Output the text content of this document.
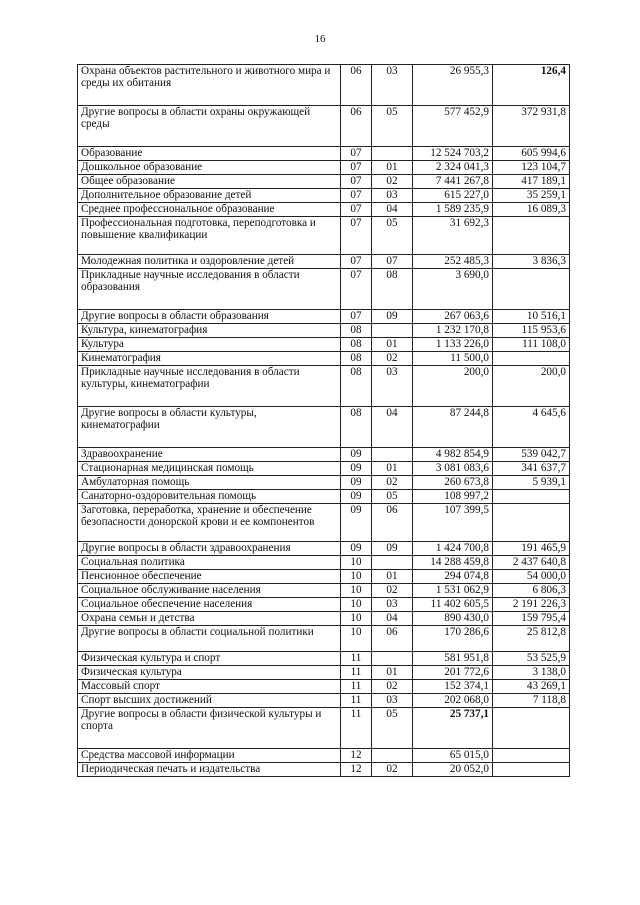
16
Охрана объектов растительного и животного мира и среды их обитания	06	03	26 955,3	126,4
Другие вопросы в области охраны окружающей среды	06	05	577 452,9	372 931,8
Образование	07		12 524 703,2	605 994,6
Дошкольное образование	07	01	2 324 041,3	123 104,7
Общее образование	07	02	7 441 267,8	417 189,1
Дополнительное образование детей	07	03	615 227,0	35 259,1
Среднее профессиональное образование	07	04	1 589 235,9	16 089,3
Профессиональная подготовка, переподготовка и повышение квалификации	07	05	31 692,3	
Молодежная политика и оздоровление детей	07	07	252 485,3	3 836,3
Прикладные научные исследования в области образования	07	08	3 690,0	
Другие вопросы в области образования	07	09	267 063,6	10 516,1
Культура, кинематография	08		1 232 170,8	115 953,6
Культура	08	01	1 133 226,0	111 108,0
Кинематография	08	02	11 500,0	
Прикладные научные исследования в области культуры, кинематографии	08	03	200,0	200,0
Другие вопросы в области культуры, кинематографии	08	04	87 244,8	4 645,6
Здравоохранение	09		4 982 854,9	539 042,7
Стационарная медицинская помощь	09	01	3 081 083,6	341 637,7
Амбулаторная помощь	09	02	260 673,8	5 939,1
Санаторно-оздоровительная помощь	09	05	108 997,2	
Заготовка, переработка, хранение и обеспечение безопасности донорской крови и ее компонентов	09	06	107 399,5	
Другие вопросы в области здравоохранения	09	09	1 424 700,8	191 465,9
Социальная политика	10		14 288 459,8	2 437 640,8
Пенсионное обеспечение	10	01	294 074,8	54 000,0
Социальное обслуживание населения	10	02	1 531 062,9	6 806,3
Социальное обеспечение населения	10	03	11 402 605,5	2 191 226,3
Охрана семьи и детства	10	04	890 430,0	159 795,4
Другие вопросы в области социальной политики	10	06	170 286,6	25 812,8
Физическая культура и спорт	11		581 951,8	53 525,9
Физическая культура	11	01	201 772,6	3 138,0
Массовый спорт	11	02	152 374,1	43 269,1
Спорт высших достижений	11	03	202 068,0	7 118,8
Другие вопросы в области физической культуры и спорта	11	05	25 737,1	
Средства массовой информации	12		65 015,0	
Периодическая печать и издательства	12	02	20 052,0	
